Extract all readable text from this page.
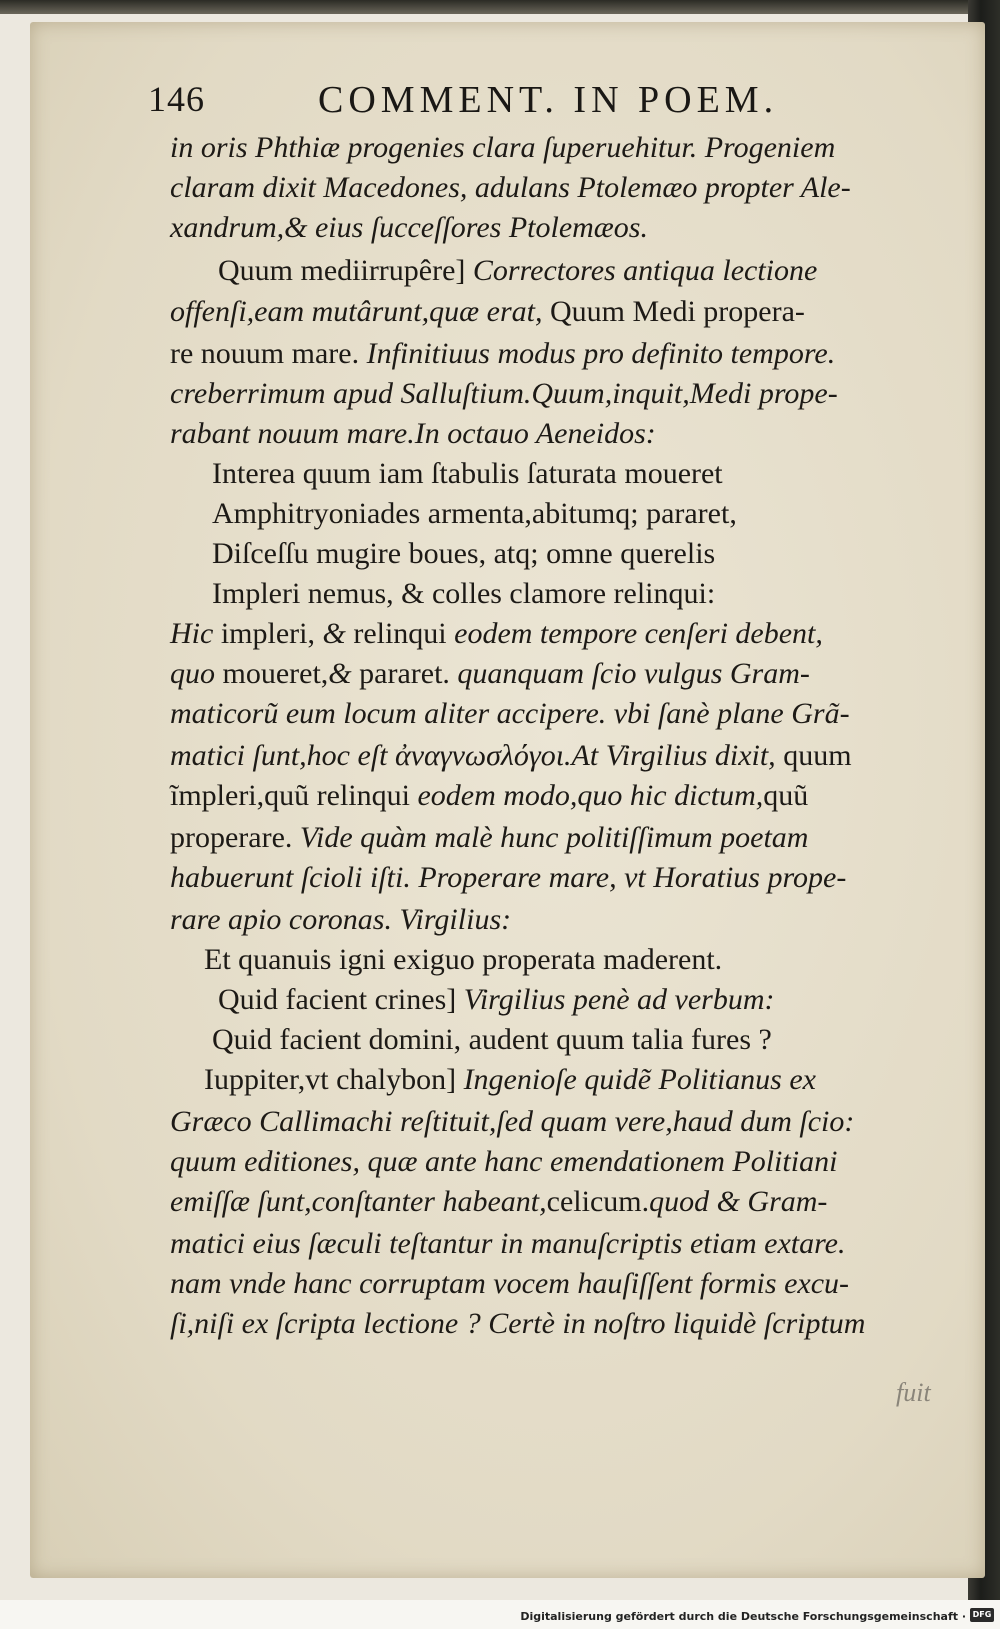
146	COMMENT. IN POEM.
in oris Phthiæ progenies clara ſuperuehitur. Progeniem
claram dixit Macedones, adulans Ptolemæo propter Ale-
xandrum,& eius ſucceſſores Ptolemæos.
Quum mediirrupêre] Correctores antiqua lectione
offenſi,eam mutârunt,quæ erat, Quum Medi propera-
re nouum mare. Infinitiuus modus pro definito tempore.
creberrimum apud Salluſtium.Quum,inquit,Medi prope-
rabant nouum mare.In octauo Aeneidos:
Interea quum iam ſtabulis ſaturata moueret
Amphitryoniades armenta,abitumq; pararet,
Diſceſſu mugire boues, atq; omne querelis
Impleri nemus, & colles clamore relinqui:
Hic impleri, & relinqui eodem tempore cenſeri debent,
quo moueret,& pararet. quanquam ſcio vulgus Gram-
maticorũ eum locum aliter accipere. vbi ſanè plane Grã-
matici ſunt,hoc eſt ἀναγνωσλόγοι.At Virgilius dixit, quum
ĩmpleri,quũ relinqui eodem modo,quo hic dictum,quũ
properare. Vide quàm malè hunc politiſſimum poetam
habuerunt ſcioli iſti. Properare mare, vt Horatius prope-
rare apio coronas. Virgilius:
Et quanuis igni exiguo properata maderent.
Quid facient crines] Virgilius penè ad verbum:
Quid facient domini, audent quum talia fures ?
Iuppiter,vt chalybon] Ingenioſe quidẽ Politianus ex
Græco Callimachi reſtituit,ſed quam vere,haud dum ſcio:
quum editiones, quæ ante hanc emendationem Politiani
emiſſæ ſunt,conſtanter habeant,celicum.quod & Gram-
matici eius ſæculi teſtantur in manuſcriptis etiam extare.
nam vnde hanc corruptam vocem hauſiſſent formis excu-
ſi,niſi ex ſcripta lectione ? Certè in noſtro liquidè ſcriptum
fuit
Digitalisierung gefördert durch die Deutsche Forschungsgemeinschaft · DFG
